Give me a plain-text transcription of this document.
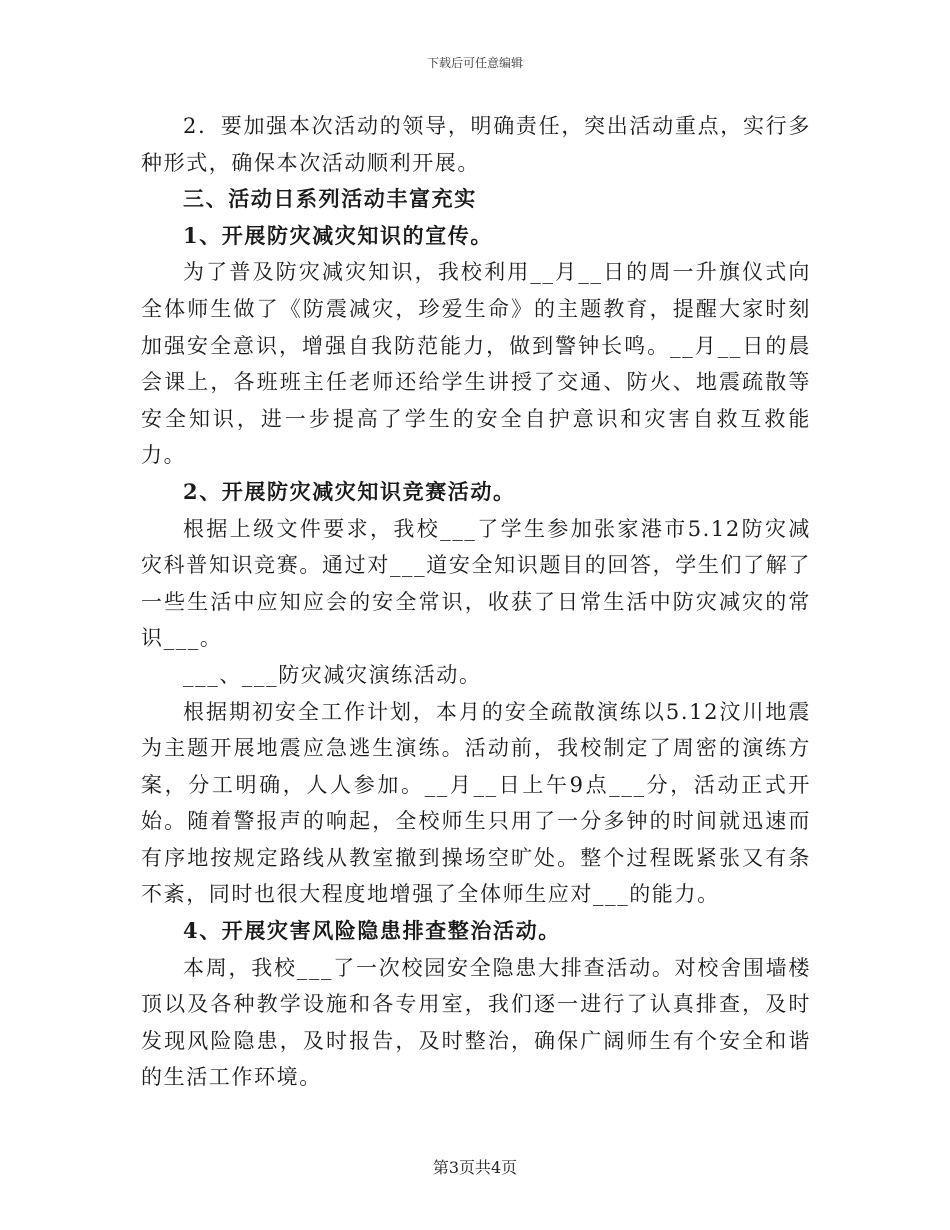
下载后可任意编辑

2．要加强本次活动的领导，明确责任，突出活动重点，实行多种形式，确保本次活动顺利开展。

三、活动日系列活动丰富充实

1、开展防灾减灾知识的宣传。

为了普及防灾减灾知识，我校利用__月__日的周一升旗仪式向全体师生做了《防震减灾，珍爱生命》的主题教育，提醒大家时刻加强安全意识，增强自我防范能力，做到警钟长鸣。__月__日的晨会课上，各班班主任老师还给学生讲授了交通、防火、地震疏散等安全知识，进一步提高了学生的安全自护意识和灾害自救互救能力。

2、开展防灾减灾知识竞赛活动。

根据上级文件要求，我校___了学生参加张家港市5.12防灾减灾科普知识竞赛。通过对___道安全知识题目的回答，学生们了解了一些生活中应知应会的安全常识，收获了日常生活中防灾减灾的常识___。

___、___防灾减灾演练活动。

根据期初安全工作计划，本月的安全疏散演练以5.12汶川地震为主题开展地震应急逃生演练。活动前，我校制定了周密的演练方案，分工明确，人人参加。__月__日上午9点___分，活动正式开始。随着警报声的响起，全校师生只用了一分多钟的时间就迅速而有序地按规定路线从教室撤到操场空旷处。整个过程既紧张又有条不紊，同时也很大程度地增强了全体师生应对___的能力。

4、开展灾害风险隐患排查整治活动。

本周，我校___了一次校园安全隐患大排查活动。对校舍围墙楼顶以及各种教学设施和各专用室，我们逐一进行了认真排查，及时发现风险隐患，及时报告，及时整治，确保广阔师生有个安全和谐的生活工作环境。

第3页共4页
